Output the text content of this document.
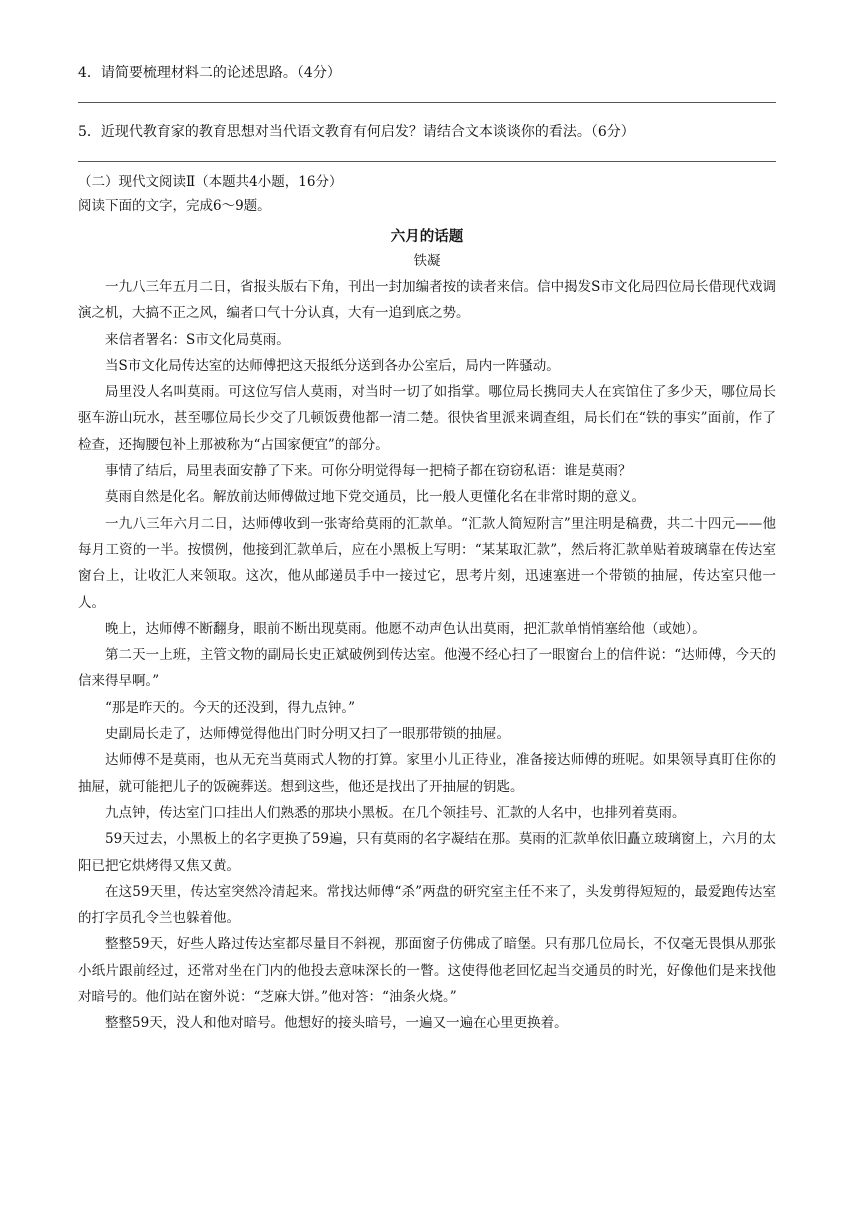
4．请简要梳理材料二的论述思路。（4分）

5．近现代教育家的教育思想对当代语文教育有何启发？请结合文本谈谈你的看法。（6分）

（二）现代文阅读Ⅱ（本题共4小题，16分）

阅读下面的文字，完成6～9题。

六月的话题

铁凝

一九八三年五月二日，省报头版右下角，刊出一封加编者按的读者来信。信中揭发S市文化局四位局长借现代戏调演之机，大搞不正之风，编者口气十分认真，大有一追到底之势。

来信者署名：S市文化局莫雨。

当S市文化局传达室的达师傅把这天报纸分送到各办公室后，局内一阵骚动。

局里没人名叫莫雨。可这位写信人莫雨，对当时一切了如指掌。哪位局长携同夫人在宾馆住了多少天，哪位局长驱车游山玩水，甚至哪位局长少交了几顿饭费他都一清二楚。很快省里派来调查组，局长们在“铁的事实”面前，作了检查，还掏腰包补上那被称为“占国家便宜”的部分。

事情了结后，局里表面安静了下来。可你分明觉得每一把椅子都在窃窃私语：谁是莫雨？

莫雨自然是化名。解放前达师傅做过地下党交通员，比一般人更懂化名在非常时期的意义。

一九八三年六月二日，达师傅收到一张寄给莫雨的汇款单。“汇款人简短附言”里注明是稿费，共二十四元——他每月工资的一半。按惯例，他接到汇款单后，应在小黑板上写明：“某某取汇款”，然后将汇款单贴着玻璃靠在传达室窗台上，让收汇人来领取。这次，他从邮递员手中一接过它，思考片刻，迅速塞进一个带锁的抽屉，传达室只他一人。

晚上，达师傅不断翻身，眼前不断出现莫雨。他愿不动声色认出莫雨，把汇款单悄悄塞给他（或她）。

第二天一上班，主管文物的副局长史正斌破例到传达室。他漫不经心扫了一眼窗台上的信件说：“达师傅，今天的信来得早啊。”

“那是昨天的。今天的还没到，得九点钟。”

史副局长走了，达师傅觉得他出门时分明又扫了一眼那带锁的抽屉。

达师傅不是莫雨，也从无充当莫雨式人物的打算。家里小儿正待业，准备接达师傅的班呢。如果领导真盯住你的抽屉，就可能把儿子的饭碗葬送。想到这些，他还是找出了开抽屉的钥匙。

九点钟，传达室门口挂出人们熟悉的那块小黑板。在几个领挂号、汇款的人名中，也排列着莫雨。

59天过去，小黑板上的名字更换了59遍，只有莫雨的名字凝结在那。莫雨的汇款单依旧矗立玻璃窗上，六月的太阳已把它烘烤得又焦又黄。

在这59天里，传达室突然冷清起来。常找达师傅“杀”两盘的研究室主任不来了，头发剪得短短的，最爱跑传达室的打字员孔令兰也躲着他。

整整59天，好些人路过传达室都尽量目不斜视，那面窗子仿佛成了暗堡。只有那几位局长，不仅毫无畏惧从那张小纸片跟前经过，还常对坐在门内的他投去意味深长的一瞥。这使得他老回忆起当交通员的时光，好像他们是来找他对暗号的。他们站在窗外说：“芝麻大饼。”他对答：“油条火烧。”

整整59天，没人和他对暗号。他想好的接头暗号，一遍又一遍在心里更换着。
